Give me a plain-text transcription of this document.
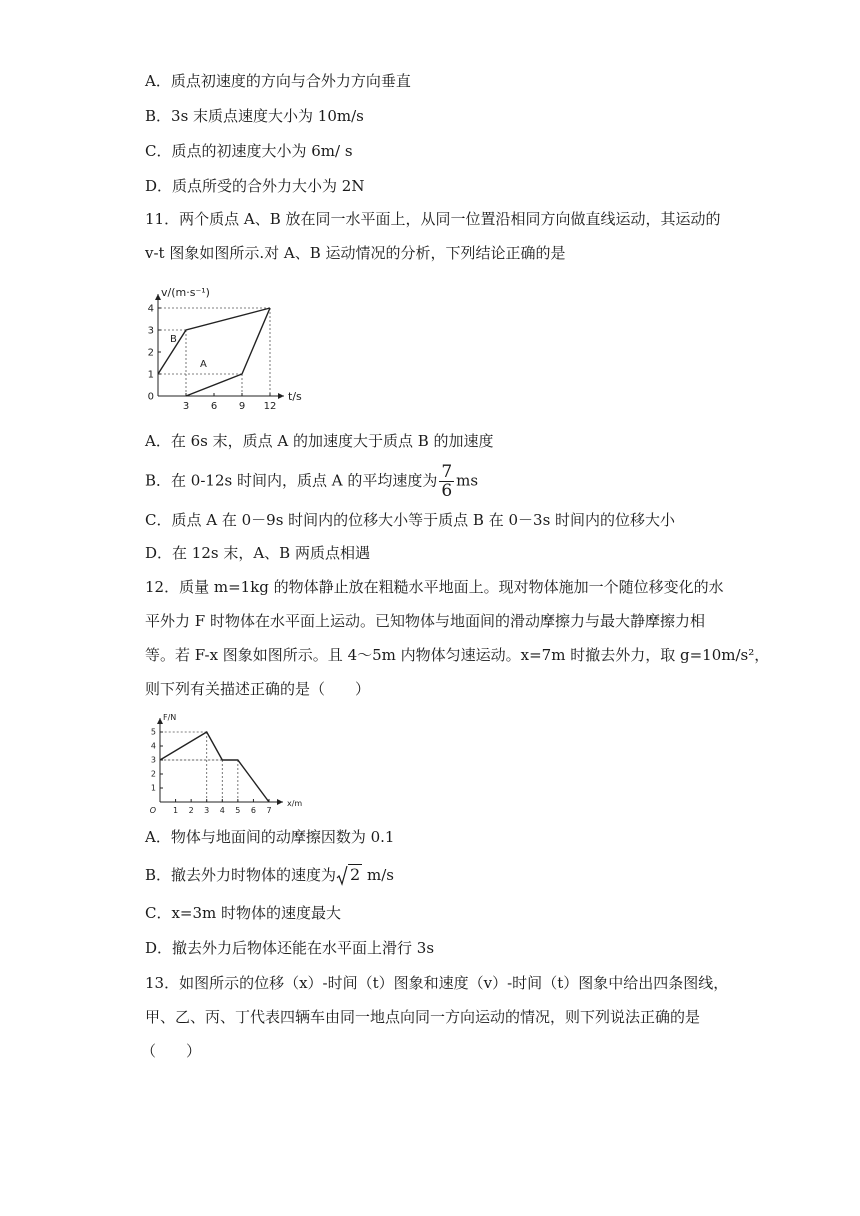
A．质点初速度的方向与合外力方向垂直
B．3s 末质点速度大小为 10m/s
C．质点的初速度大小为 6m/ s
D．质点所受的合外力大小为 2N
11．两个质点 A、B 放在同一水平面上，从同一位置沿相同方向做直线运动，其运动的
v-t 图象如图所示.对 A、B 运动情况的分析，下列结论正确的是
B
A
3 6 9 12
0
1
2
3
4
t/s
v/(m·s⁻¹)
A．在 6s 末，质点 A 的加速度大于质点 B 的加速度
B．在 0-12s 时间内，质点 A 的平均速度为 $\frac{7}{6}$ ms
C．质点 A 在 0－9s 时间内的位移大小等于质点 B 在 0－3s 时间内的位移大小
D．在 12s 末，A、B 两质点相遇
12．质量 m=1kg 的物体静止放在粗糙水平地面上。现对物体施加一个随位移变化的水
平外力 F 时物体在水平面上运动。已知物体与地面间的滑动摩擦力与最大静摩擦力相
等。若 F-x 图象如图所示。且 4～5m 内物体匀速运动。x=7m 时撤去外力，取 g=10m/s²，
则下列有关描述正确的是（　　）
1 2 3 4 5 6 7
1
2
3
4
5
O
x/m
F/N
A．物体与地面间的动摩擦因数为 0.1
B．撤去外力时物体的速度为 2 m/s
C．x=3m 时物体的速度最大
D．撤去外力后物体还能在水平面上滑行 3s
13．如图所示的位移（x）-时间（t）图象和速度（v）-时间（t）图象中给出四条图线，
甲、乙、丙、丁代表四辆车由同一地点向同一方向运动的情况，则下列说法正确的是
（　　）
